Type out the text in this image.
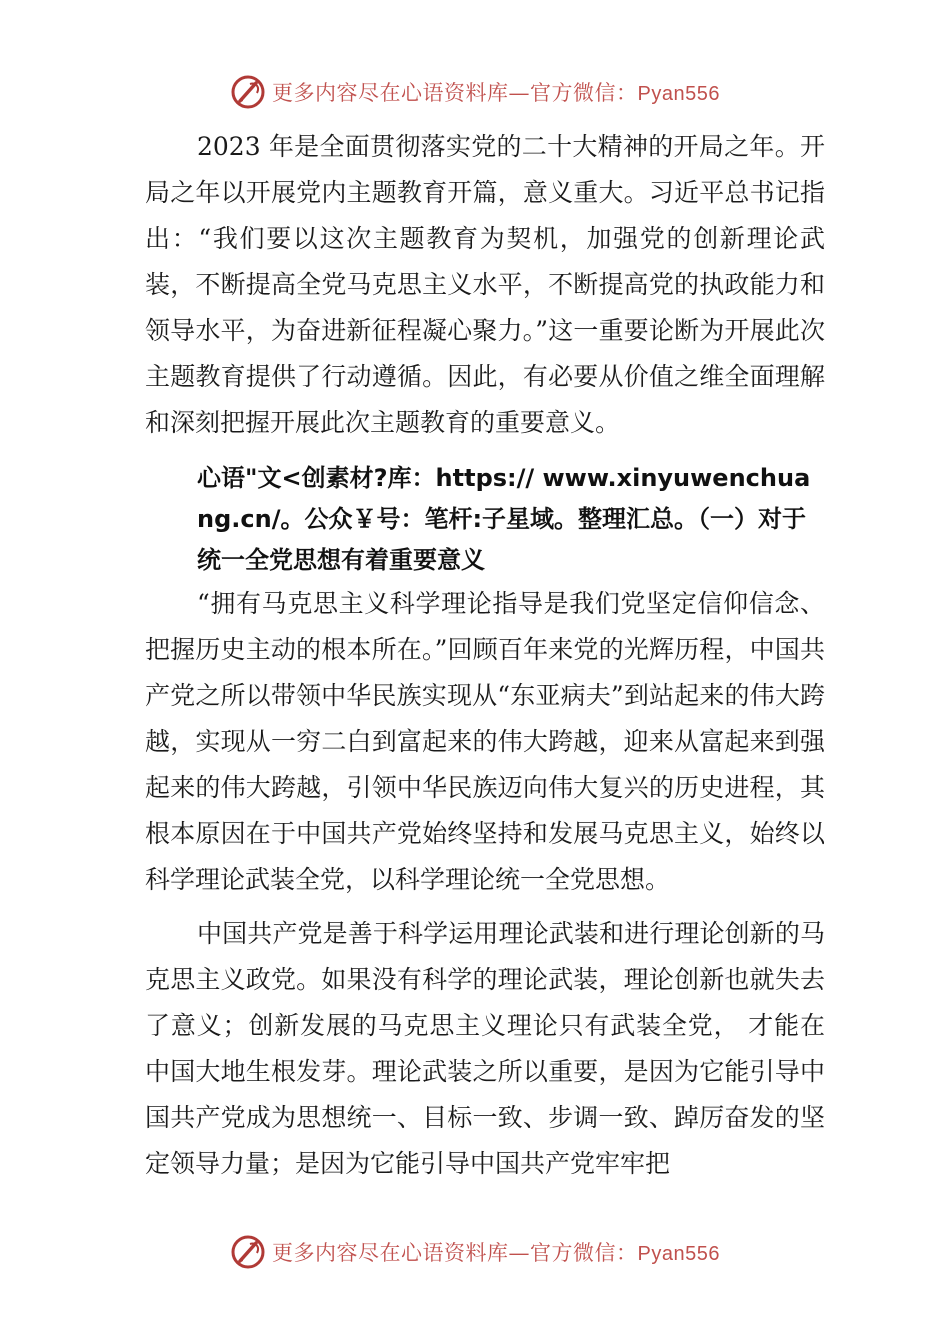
更多内容尽在心语资料库—官方微信：Pyan556

2023 年是全面贯彻落实党的二十大精神的开局之年。开局之年以开展党内主题教育开篇，意义重大。习近平总书记指出：“我们要以这次主题教育为契机，加强党的创新理论武装，不断提高全党马克思主义水平，不断提高党的执政能力和领导水平，为奋进新征程凝心聚力。”这一重要论断为开展此次主题教育提供了行动遵循。因此，有必要从价值之维全面理解和深刻把握开展此次主题教育的重要意义。

心语"文<创素材?库：https:// www.xinyuwenchuang.cn/。公众￥号：笔杆:子星域。整理汇总。（一）对于统一全党思想有着重要意义

“拥有马克思主义科学理论指导是我们党坚定信仰信念、把握历史主动的根本所在。”回顾百年来党的光辉历程，中国共产党之所以带领中华民族实现从“东亚病夫”到站起来的伟大跨越，实现从一穷二白到富起来的伟大跨越，迎来从富起来到强起来的伟大跨越，引领中华民族迈向伟大复兴的历史进程，其根本原因在于中国共产党始终坚持和发展马克思主义，始终以科学理论武装全党，以科学理论统一全党思想。

中国共产党是善于科学运用理论武装和进行理论创新的马克思主义政党。如果没有科学的理论武装，理论创新也就失去了意义；创新发展的马克思主义理论只有武装全党， 才能在中国大地生根发芽。理论武装之所以重要，是因为它能引导中国共产党成为思想统一、目标一致、步调一致、踔厉奋发的坚定领导力量；是因为它能引导中国共产党牢牢把

更多内容尽在心语资料库—官方微信：Pyan556
